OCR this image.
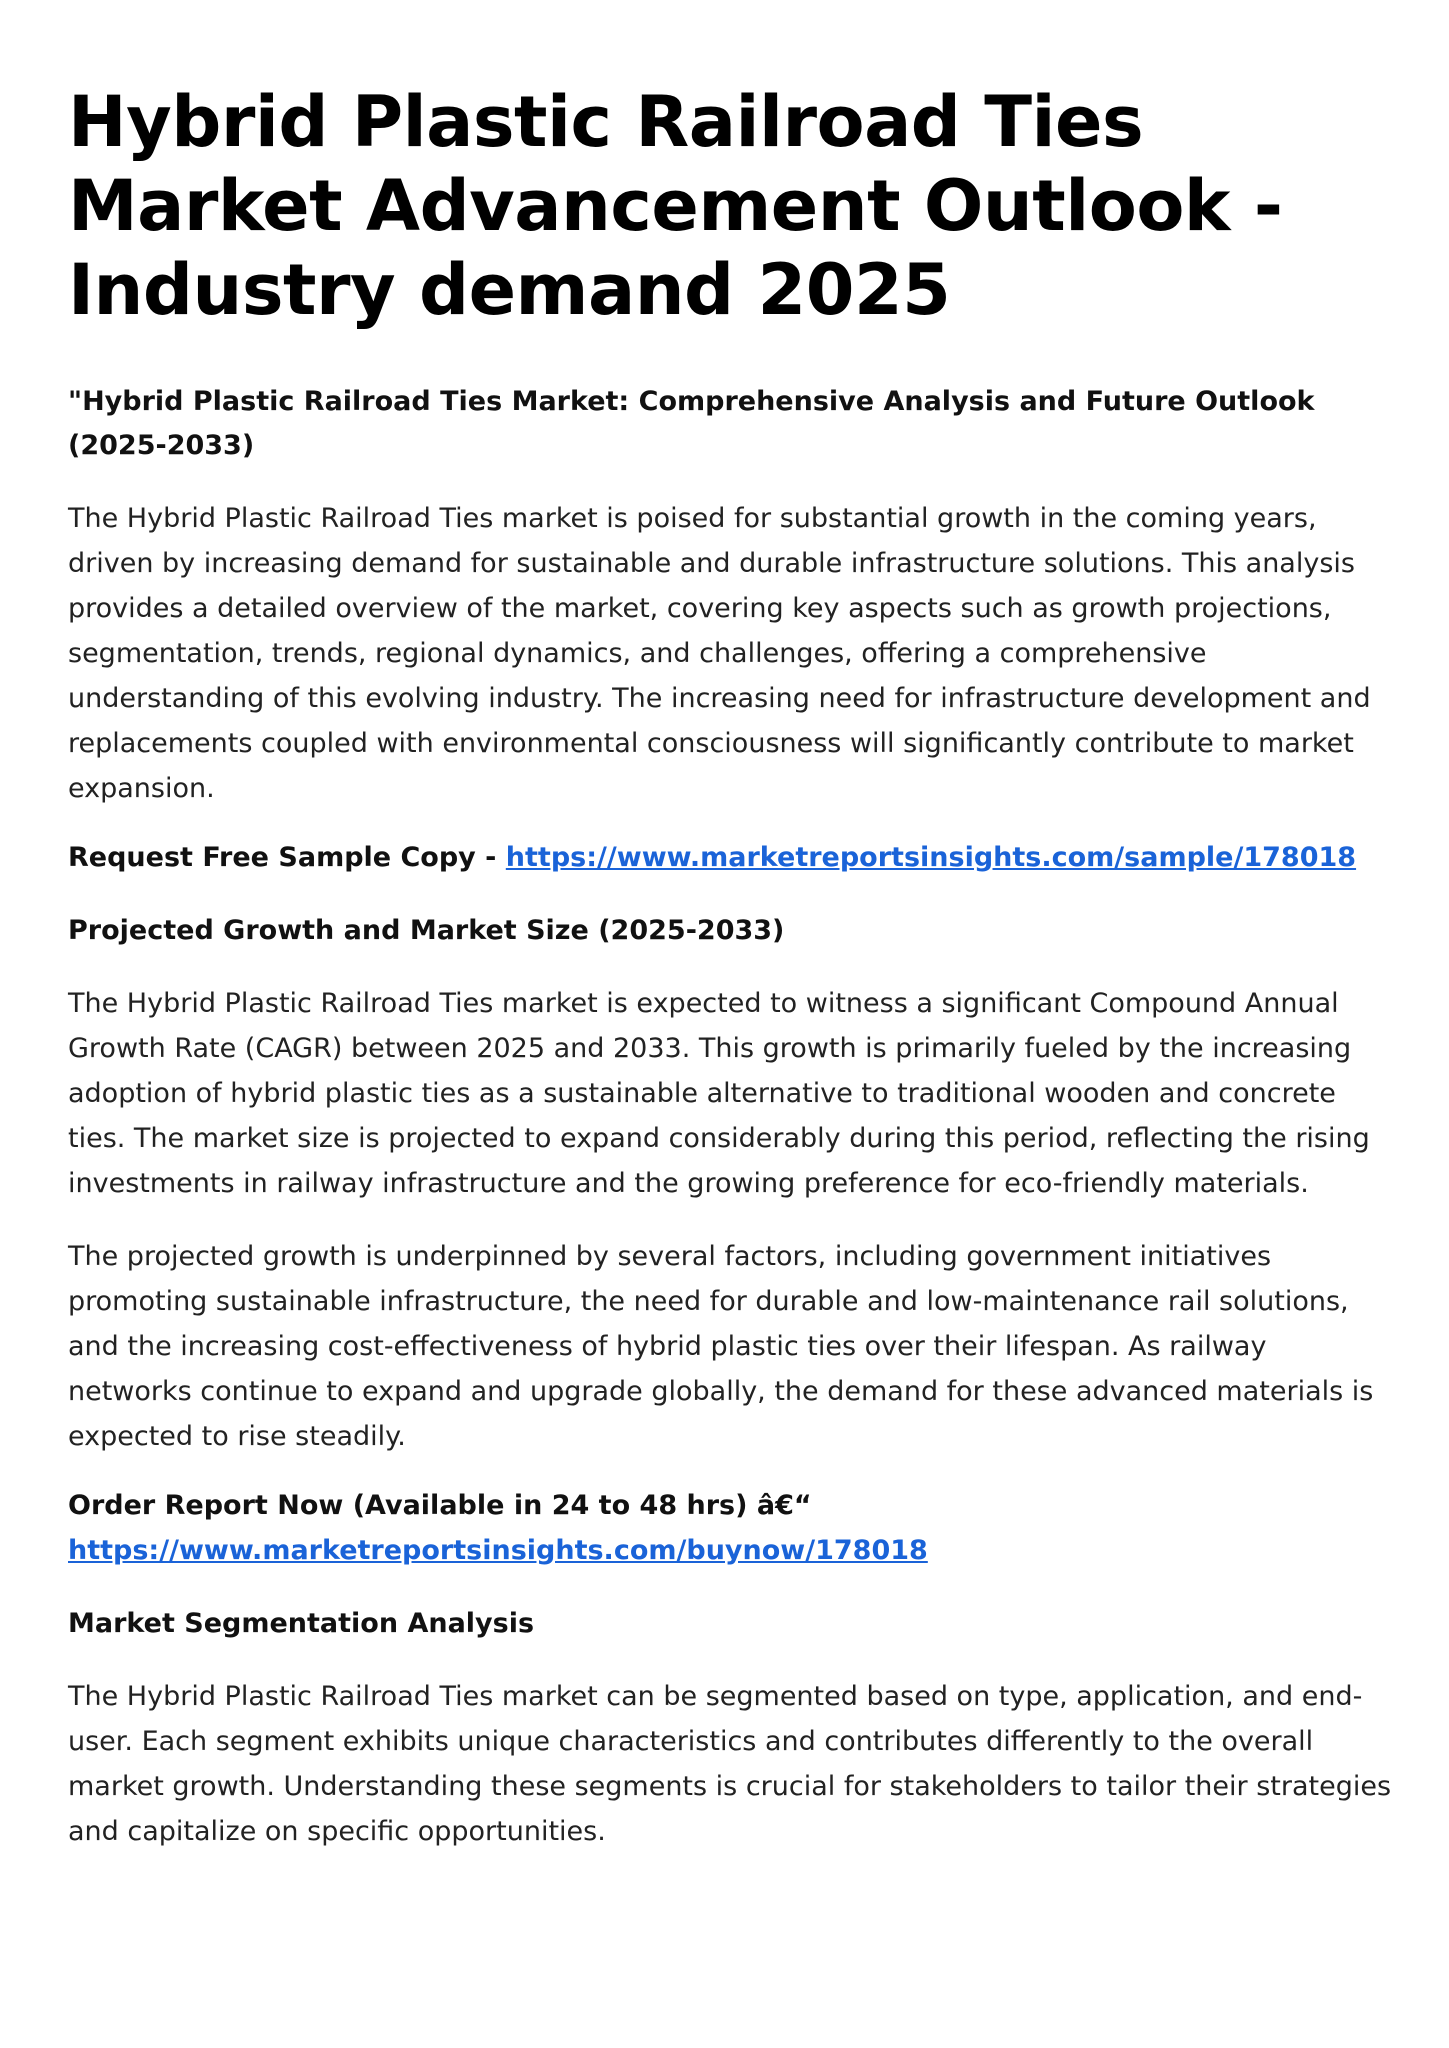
Hybrid Plastic Railroad Ties Market Advancement Outlook - Industry demand 2025

"Hybrid Plastic Railroad Ties Market: Comprehensive Analysis and Future Outlook (2025-2033)

The Hybrid Plastic Railroad Ties market is poised for substantial growth in the coming years, driven by increasing demand for sustainable and durable infrastructure solutions. This analysis provides a detailed overview of the market, covering key aspects such as growth projections, segmentation, trends, regional dynamics, and challenges, offering a comprehensive understanding of this evolving industry. The increasing need for infrastructure development and replacements coupled with environmental consciousness will significantly contribute to market expansion.

Request Free Sample Copy - https://www.marketreportsinsights.com/sample/178018

Projected Growth and Market Size (2025-2033)

The Hybrid Plastic Railroad Ties market is expected to witness a significant Compound Annual Growth Rate (CAGR) between 2025 and 2033. This growth is primarily fueled by the increasing adoption of hybrid plastic ties as a sustainable alternative to traditional wooden and concrete ties. The market size is projected to expand considerably during this period, reflecting the rising investments in railway infrastructure and the growing preference for eco-friendly materials.

The projected growth is underpinned by several factors, including government initiatives promoting sustainable infrastructure, the need for durable and low-maintenance rail solutions, and the increasing cost-effectiveness of hybrid plastic ties over their lifespan. As railway networks continue to expand and upgrade globally, the demand for these advanced materials is expected to rise steadily.

Order Report Now (Available in 24 to 48 hrs) â€“
https://www.marketreportsinsights.com/buynow/178018

Market Segmentation Analysis

The Hybrid Plastic Railroad Ties market can be segmented based on type, application, and end-user. Each segment exhibits unique characteristics and contributes differently to the overall market growth. Understanding these segments is crucial for stakeholders to tailor their strategies and capitalize on specific opportunities.
